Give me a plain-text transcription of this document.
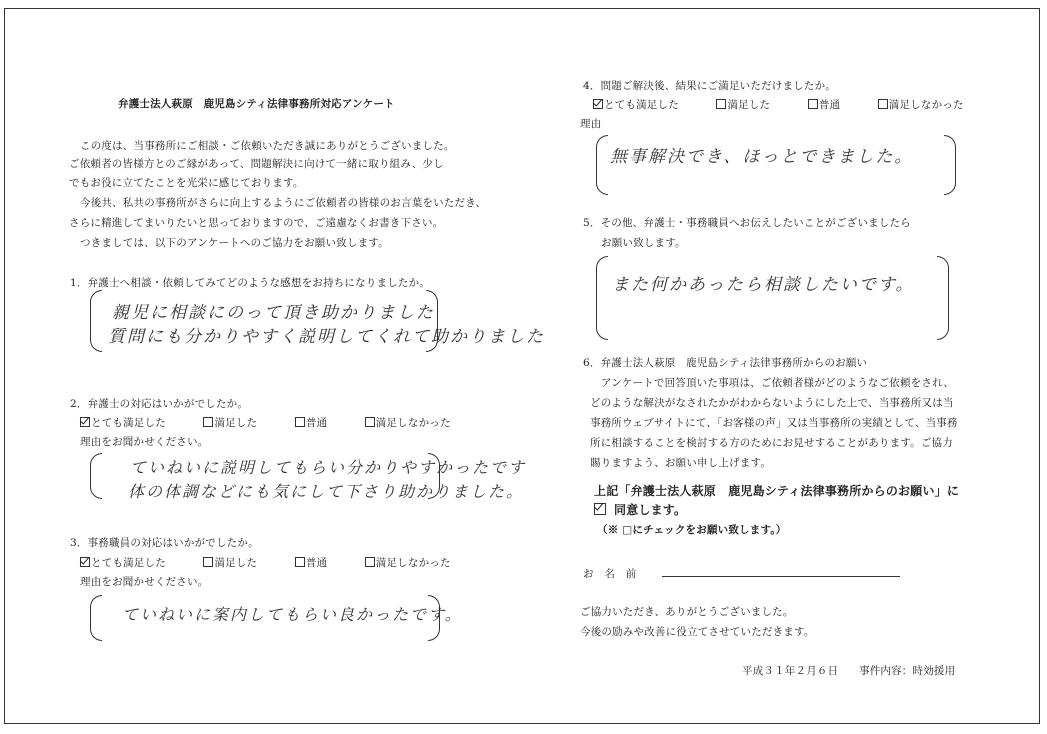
弁護士法人萩原　鹿児島シティ法律事務所対応アンケート
この度は、当事務所にご相談・ご依頼いただき誠にありがとうございました。
ご依頼者の皆様方とのご縁があって、問題解決に向けて一緒に取り組み、少し
でもお役に立てたことを光栄に感じております。
今後共、私共の事務所がさらに向上するようにご依頼者の皆様のお言葉をいただき、
さらに精進してまいりたいと思っておりますので、ご遠慮なくお書き下さい。
つきましては、以下のアンケートへのご協力をお願い致します。
1．弁護士へ相談・依頼してみてどのような感想をお持ちになりましたか。
親児に相談にのって頂き助かりました
質問にも分かりやすく説明してくれて助かりました
2．弁護士の対応はいかがでしたか。
とても満足した	満足した	普通	満足しなかった
理由をお聞かせください。
ていねいに説明してもらい分かりやすかったです
体の体調などにも気にして下さり助かりました。
3．事務職員の対応はいかがでしたか。
とても満足した	満足した	普通	満足しなかった
理由をお聞かせください。
ていねいに案内してもらい良かったです。
4．問題ご解決後、結果にご満足いただけましたか。
とても満足した	満足した	普通	満足しなかった
理由
無事解決でき、ほっとできました。
5．その他、弁護士・事務職員へお伝えしたいことがございましたら
お願い致します。
また何かあったら相談したいです。
6．弁護士法人萩原　鹿児島シティ法律事務所からのお願い
アンケートで回答頂いた事項は、ご依頼者様がどのようなご依頼をされ、
どのような解決がなされたかがわからないようにした上で、当事務所又は当
事務所ウェブサイトにて、「お客様の声」又は当事務所の実績として、当事務
所に相談することを検討する方のためにお見せすることがあります。ご協力
賜りますよう、お願い申し上げます。
上記「弁護士法人萩原　鹿児島シティ法律事務所からのお願い」に
同意します。
（※ □にチェックをお願い致します。）
お　名　前
ご協力いただき、ありがとうございました。
今後の励みや改善に役立てさせていただきます。
平成３１年２月６日 事件内容：時効援用
